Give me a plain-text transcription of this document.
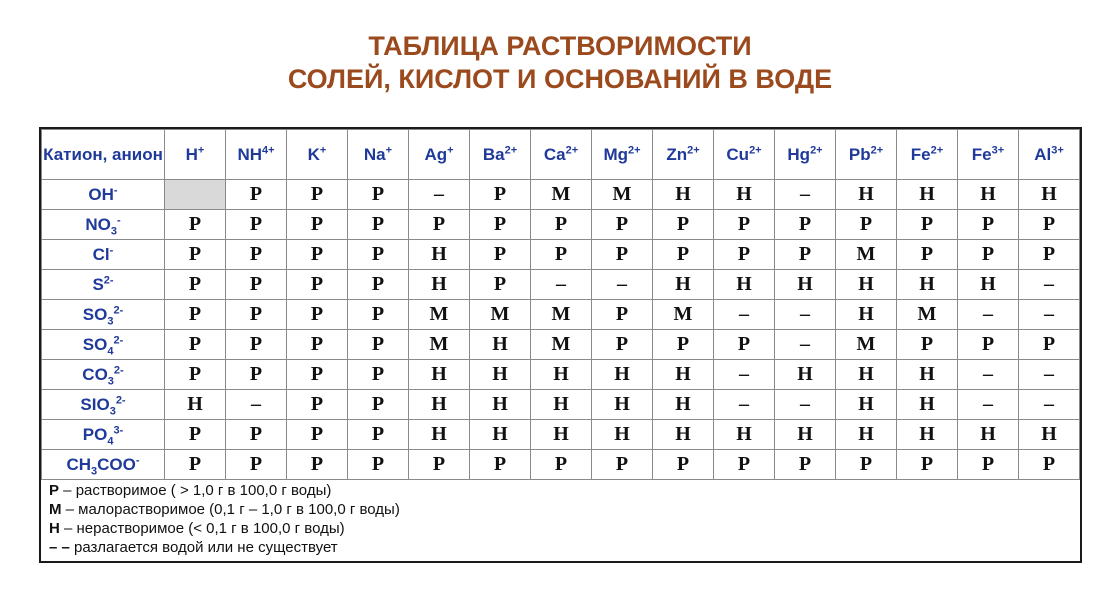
ТАБЛИЦА РАСТВОРИМОСТИ
СОЛЕЙ, КИСЛОТ И ОСНОВАНИЙ В ВОДЕ
Катион, анион	H+	$NH^{4+}$	K+	Na+	Ag+	$Ba^{2+}$	$Ca^{2+}$	$Mg^{2+}$	$Zn^{2+}$	$Cu^{2+}$	$Hg^{2+}$	$Pb^{2+}$	$Fe^{2+}$	$Fe^{3+}$	$Al^{3+}$
OH-		Р	Р	Р	–	Р	М	М	Н	Н	–	Н	Н	Н	Н
$NO_3^-$	Р	Р	Р	Р	Р	Р	Р	Р	Р	Р	Р	Р	Р	Р	Р
Cl-	Р	Р	Р	Р	Н	Р	Р	Р	Р	Р	Р	М	Р	Р	Р
$S^{2-}$	Р	Р	Р	Р	Н	Р	–	–	Н	Н	Н	Н	Н	Н	–
$SO_3^{2-}$	Р	Р	Р	Р	М	М	М	Р	М	–	–	Н	М	–	–
$SO_4^{2-}$	Р	Р	Р	Р	М	Н	М	Р	Р	Р	–	М	Р	Р	Р
$CO_3^{2-}$	Р	Р	Р	Р	Н	Н	Н	Н	Н	–	Н	Н	Н	–	–
$SIO_3^{2-}$	Н	–	Р	Р	Н	Н	Н	Н	Н	–	–	Н	Н	–	–
$PO_4^{3-}$	Р	Р	Р	Р	Н	Н	Н	Н	Н	Н	Н	Н	Н	Н	Н
$CH_3COO^-$	Р	Р	Р	Р	Р	Р	Р	Р	Р	Р	Р	Р	Р	Р	Р
Р – растворимое ( > 1,0 г в 100,0 г воды)
М – малорастворимое (0,1 г – 1,0 г в 100,0 г воды)
Н – нерастворимое (< 0,1 г в 100,0 г воды)
– – разлагается водой или не существует
